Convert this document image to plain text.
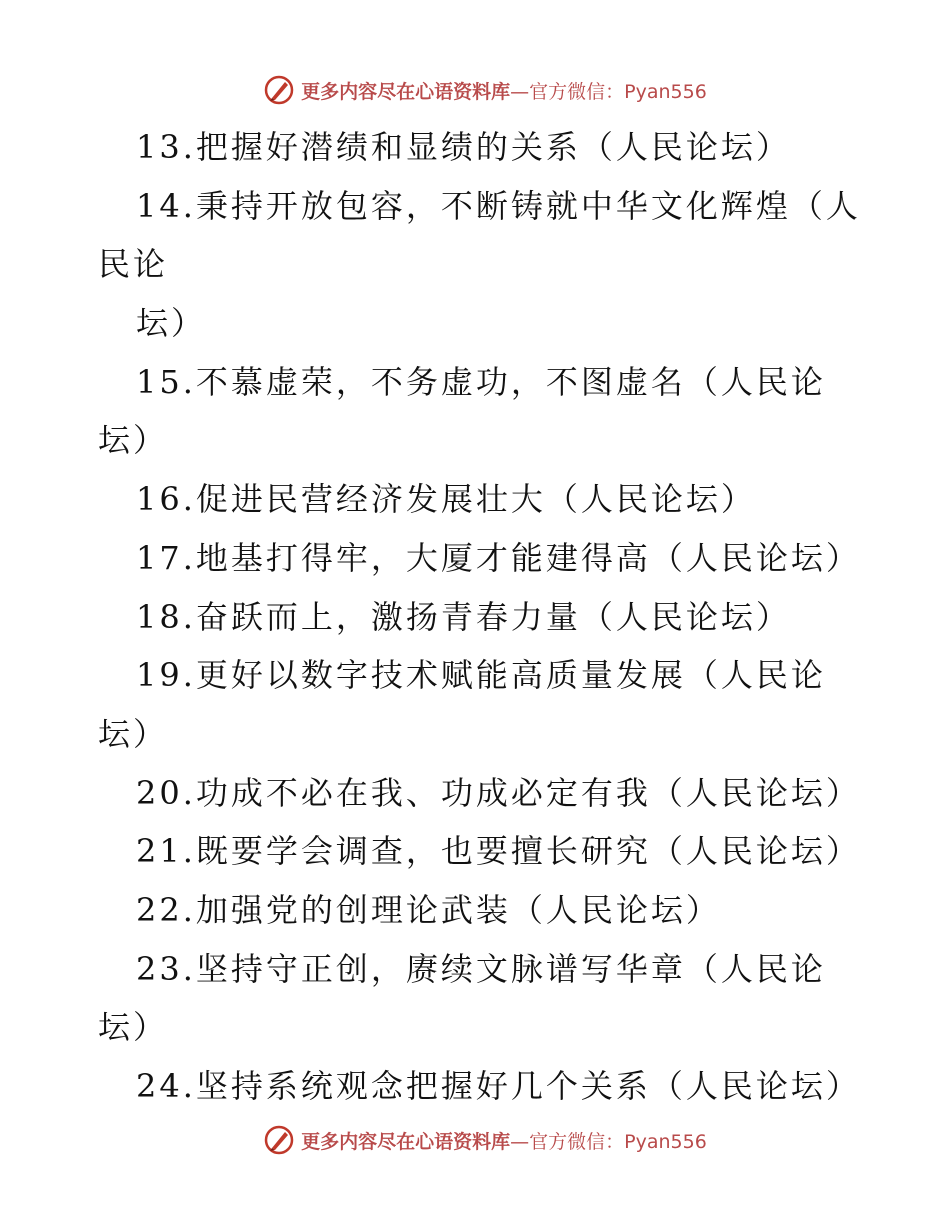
更多内容尽在心语资料库—官方微信：Pyan556
13.把握好潜绩和显绩的关系（人民论坛）
14.秉持开放包容，不断铸就中华文化辉煌（人
民论
坛）
15.不慕虚荣，不务虚功，不图虚名（人民论
坛）
16.促进民营经济发展壮大（人民论坛）
17.地基打得牢，大厦才能建得高（人民论坛）
18.奋跃而上，激扬青春力量（人民论坛）
19.更好以数字技术赋能高质量发展（人民论
坛）
20.功成不必在我、功成必定有我（人民论坛）
21.既要学会调查，也要擅长研究（人民论坛）
22.加强党的创理论武装（人民论坛）
23.坚持守正创，赓续文脉谱写华章（人民论
坛）
24.坚持系统观念把握好几个关系（人民论坛）
更多内容尽在心语资料库—官方微信：Pyan556
